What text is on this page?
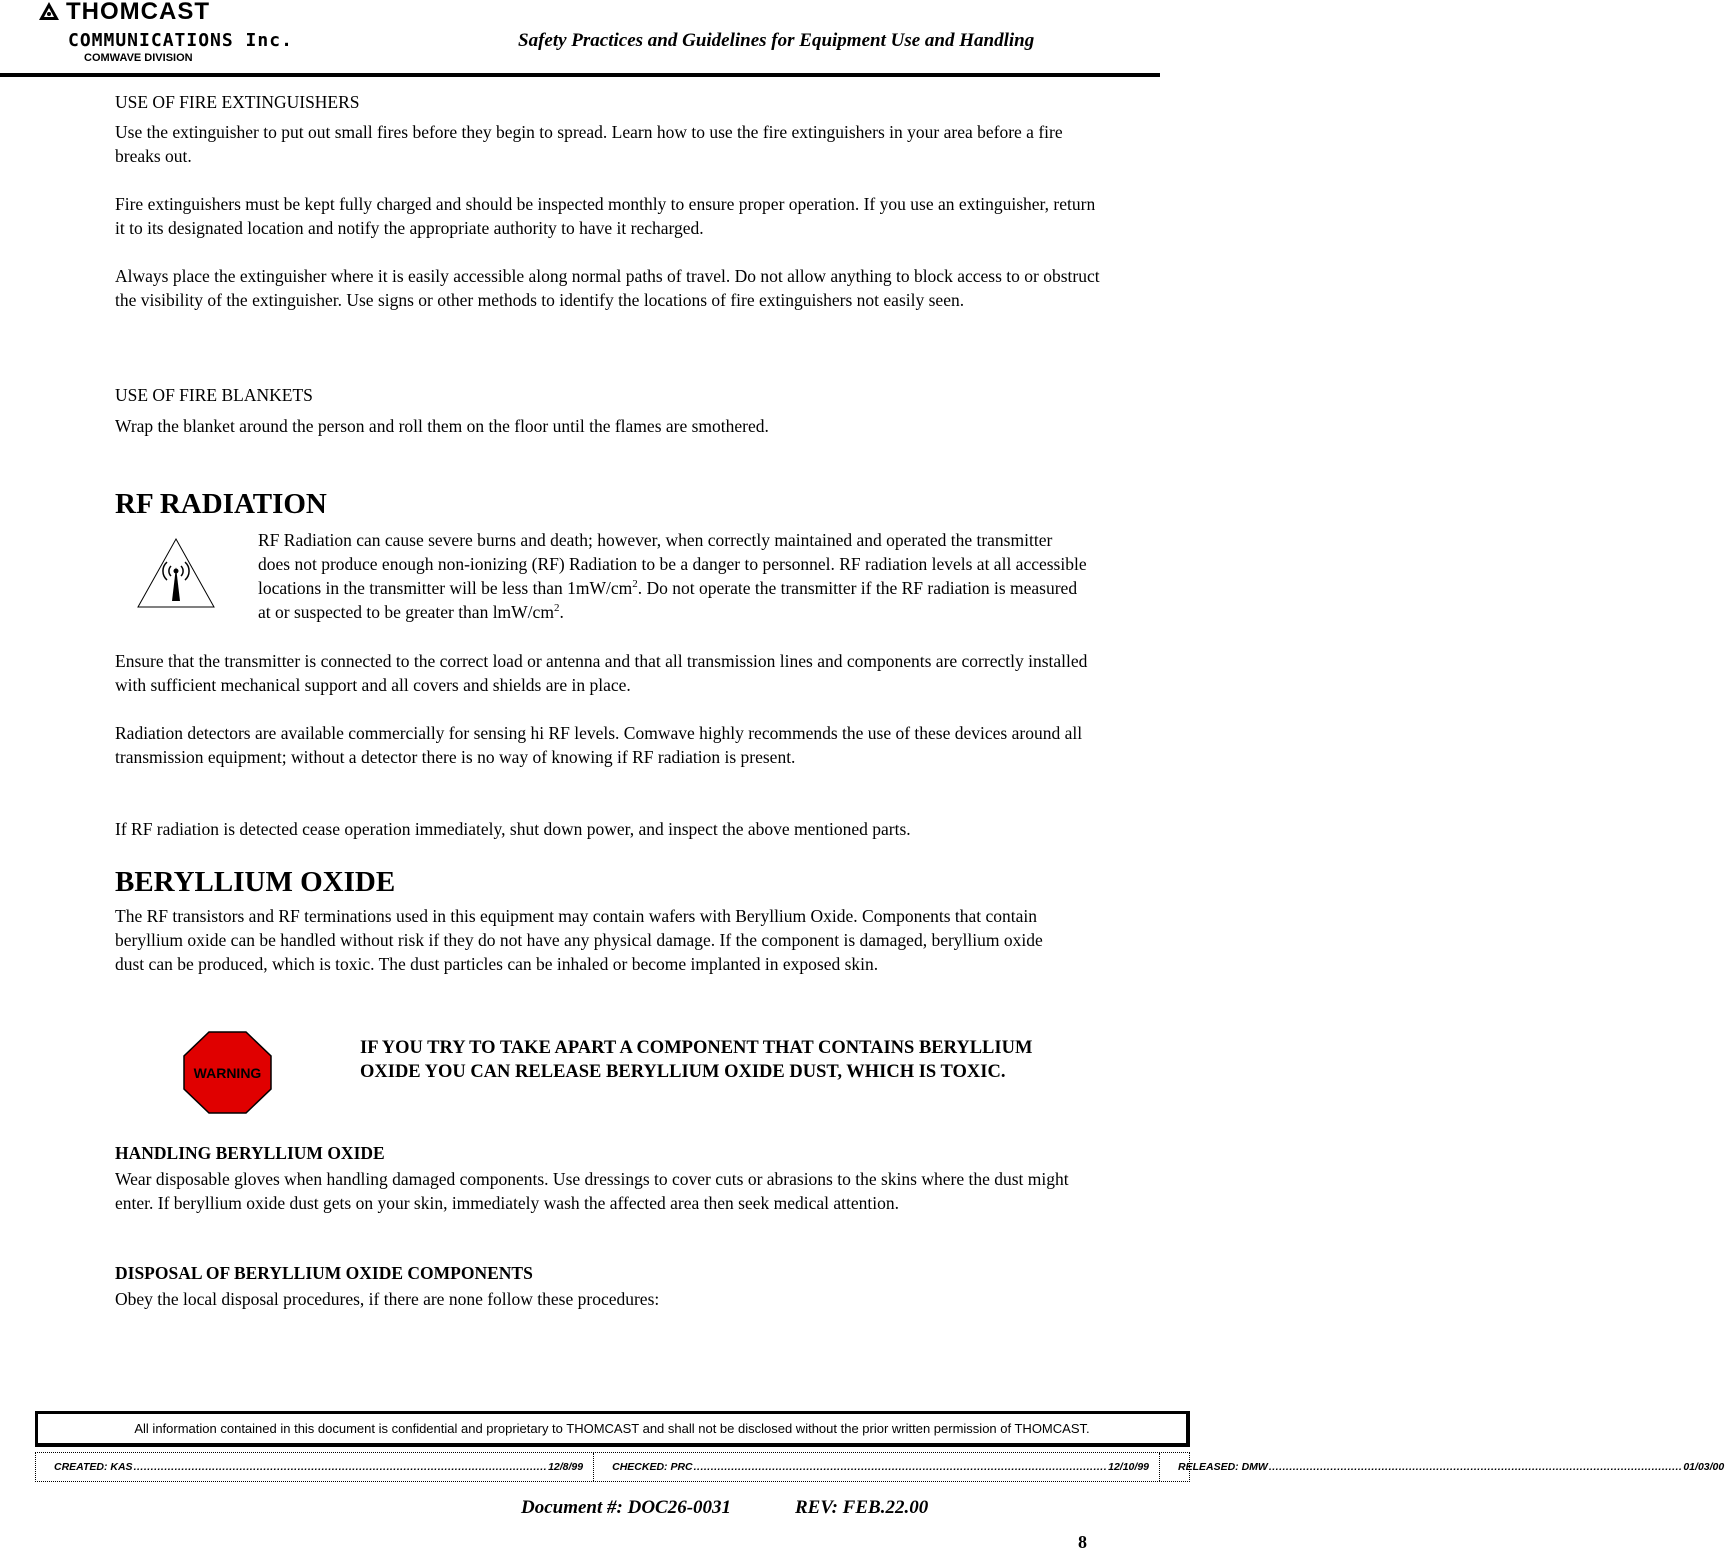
THOMCAST
COMMUNICATIONS Inc.
COMWAVE DIVISION
Safety Practices and Guidelines for Equipment Use and Handling
USE OF FIRE EXTINGUISHERS

Use the extinguisher to put out small fires before they begin to spread. Learn how to use the fire extinguishers in your area before a fire breaks out.

Fire extinguishers must be kept fully charged and should be inspected monthly to ensure proper operation. If you use an extinguisher, return it to its designated location and notify the appropriate authority to have it recharged.

Always place the extinguisher where it is easily accessible along normal paths of travel. Do not allow anything to block access to or obstruct the visibility of the extinguisher. Use signs or other methods to identify the locations of fire extinguishers not easily seen.

USE OF FIRE BLANKETS

Wrap the blanket around the person and roll them on the floor until the flames are smothered.

RF RADIATION

RF Radiation can cause severe burns and death; however, when correctly maintained and operated the transmitter does not produce enough non-ionizing (RF) Radiation to be a danger to personnel. RF radiation levels at all accessible locations in the transmitter will be less than $1mW/cm^2$. Do not operate the transmitter if the RF radiation is measured at or suspected to be greater than lmW/$cm^2$.

Ensure that the transmitter is connected to the correct load or antenna and that all transmission lines and components are correctly installed with sufficient mechanical support and all covers and shields are in place.

Radiation detectors are available commercially for sensing hi RF levels. Comwave highly recommends the use of these devices around all transmission equipment; without a detector there is no way of knowing if RF radiation is present.

If RF radiation is detected cease operation immediately, shut down power, and inspect the above mentioned parts.

BERYLLIUM OXIDE

The RF transistors and RF terminations used in this equipment may contain wafers with Beryllium Oxide. Components that contain beryllium oxide can be handled without risk if they do not have any physical damage. If the component is damaged, beryllium oxide dust can be produced, which is toxic. The dust particles can be inhaled or become implanted in exposed skin.

WARNING
IF YOU TRY TO TAKE APART A COMPONENT THAT CONTAINS BERYLLIUM OXIDE YOU CAN RELEASE BERYLLIUM OXIDE DUST, WHICH IS TOXIC.
HANDLING BERYLLIUM OXIDE

Wear disposable gloves when handling damaged components. Use dressings to cover cuts or abrasions to the skins where the dust might enter. If beryllium oxide dust gets on your skin, immediately wash the affected area then seek medical attention.

DISPOSAL OF BERYLLIUM OXIDE COMPONENTS

Obey the local disposal procedures, if there are none follow these procedures:

All information contained in this document is confidential and proprietary to THOMCAST and shall not be disclosed without the prior written permission of THOMCAST.
CREATED: KAS ......................................................................................................................... 12/8/99	CHECKED: PRC ......................................................................................................................... 12/10/99	RELEASED: DMW ......................................................................................................................... 01/03/00
Document #: DOC26-0031	REV: FEB.22.00
8
